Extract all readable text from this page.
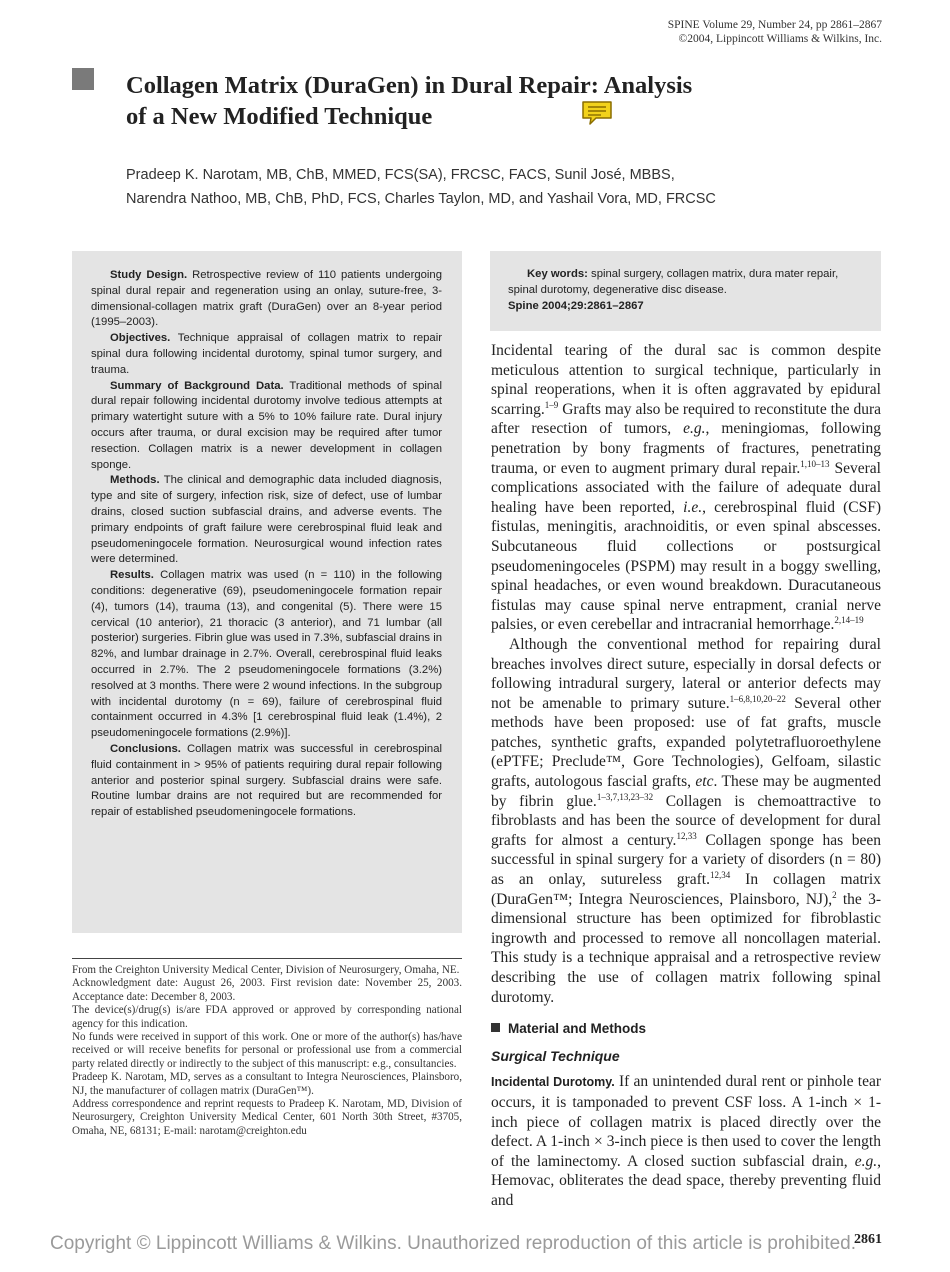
SPINE Volume 29, Number 24, pp 2861–2867
©2004, Lippincott Williams & Wilkins, Inc.
Collagen Matrix (DuraGen) in Dural Repair: Analysis
of a New Modified Technique
Pradeep K. Narotam, MB, ChB, MMED, FCS(SA), FRCSC, FACS, Sunil José, MBBS,
Narendra Nathoo, MB, ChB, PhD, FCS, Charles Taylon, MD, and Yashail Vora, MD, FRCSC

Study Design. Retrospective review of 110 patients undergoing spinal dural repair and regeneration using an onlay, suture-free, 3-dimensional-collagen matrix graft (DuraGen) over an 8-year period (1995–2003).

Objectives. Technique appraisal of collagen matrix to repair spinal dura following incidental durotomy, spinal tumor surgery, and trauma.

Summary of Background Data. Traditional methods of spinal dural repair following incidental durotomy involve tedious attempts at primary watertight suture with a 5% to 10% failure rate. Dural injury occurs after trauma, or dural excision may be required after tumor resection. Collagen matrix is a newer development in collagen sponge.

Methods. The clinical and demographic data included diagnosis, type and site of surgery, infection risk, size of defect, use of lumbar drains, closed suction subfascial drains, and adverse events. The primary endpoints of graft failure were cerebrospinal fluid leak and pseudomeningocele formation. Neurosurgical wound infection rates were determined.

Results. Collagen matrix was used (n = 110) in the following conditions: degenerative (69), pseudomeningocele formation repair (4), tumors (14), trauma (13), and congenital (5). There were 15 cervical (10 anterior), 21 thoracic (3 anterior), and 71 lumbar (all posterior) surgeries. Fibrin glue was used in 7.3%, subfascial drains in 82%, and lumbar drainage in 2.7%. Overall, cerebrospinal fluid leaks occurred in 2.7%. The 2 pseudomeningocele formations (3.2%) resolved at 3 months. There were 2 wound infections. In the subgroup with incidental durotomy (n = 69), failure of cerebrospinal fluid containment occurred in 4.3% [1 cerebrospinal fluid leak (1.4%), 2 pseudomeningocele formations (2.9%)].

Conclusions. Collagen matrix was successful in cerebrospinal fluid containment in > 95% of patients requiring dural repair following anterior and posterior spinal surgery. Subfascial drains were safe. Routine lumbar drains are not required but are recommended for repair of established pseudomeningocele formations.

Key words: spinal surgery, collagen matrix, dura mater repair, spinal durotomy, degenerative disc disease.

Spine 2004;29:2861–2867

From the Creighton University Medical Center, Division of Neurosurgery, Omaha, NE.

Acknowledgment date: August 26, 2003. First revision date: November 25, 2003. Acceptance date: December 8, 2003.

The device(s)/drug(s) is/are FDA approved or approved by corresponding national agency for this indication.

No funds were received in support of this work. One or more of the author(s) has/have received or will receive benefits for personal or professional use from a commercial party related directly or indirectly to the subject of this manuscript: e.g., consultancies.

Pradeep K. Narotam, MD, serves as a consultant to Integra Neurosciences, Plainsboro, NJ, the manufacturer of collagen matrix (DuraGen™).

Address correspondence and reprint requests to Pradeep K. Narotam, MD, Division of Neurosurgery, Creighton University Medical Center, 601 North 30th Street, #3705, Omaha, NE, 68131; E-mail: narotam@creighton.edu

Incidental tearing of the dural sac is common despite meticulous attention to surgical technique, particularly in spinal reoperations, when it is often aggravated by epidural scarring.$^{1-9}$ Grafts may also be required to reconstitute the dura after resection of tumors, e.g., meningiomas, following penetration by bony fragments of fractures, penetrating trauma, or even to augment primary dural repair.$^{1,10-13}$ Several complications associated with the failure of adequate dural healing have been reported, i.e., cerebrospinal fluid (CSF) fistulas, meningitis, arachnoiditis, or even spinal abscesses. Subcutaneous fluid collections or postsurgical pseudomeningoceles (PSPM) may result in a boggy swelling, spinal headaches, or even wound breakdown. Duracutaneous fistulas may cause spinal nerve entrapment, cranial nerve palsies, or even cerebellar and intracranial hemorrhage.$^{2,14-19}$

Although the conventional method for repairing dural breaches involves direct suture, especially in dorsal defects or following intradural surgery, lateral or anterior defects may not be amenable to primary suture.$^{1-6,8,10,20-22}$ Several other methods have been proposed: use of fat grafts, muscle patches, synthetic grafts, expanded polytetrafluoroethylene (ePTFE; Preclude™, Gore Technologies), Gelfoam, silastic grafts, autologous fascial grafts, etc. These may be augmented by fibrin glue.$^{1-3,7,13,23-32}$ Collagen is chemoattractive to fibroblasts and has been the source of development for dural grafts for almost a century.$^{12,33}$ Collagen sponge has been successful in spinal surgery for a variety of disorders (n = 80) as an onlay, sutureless graft.$^{12,34}$ In collagen matrix (DuraGen™; Integra Neurosciences, Plainsboro, NJ),$^2$ the 3-dimensional structure has been optimized for fibroblastic ingrowth and processed to remove all noncollagen material. This study is a technique appraisal and a retrospective review describing the use of collagen matrix following spinal durotomy.

Material and Methods

Surgical Technique

Incidental Durotomy. If an unintended dural rent or pinhole tear occurs, it is tamponaded to prevent CSF loss. A 1-inch × 1-inch piece of collagen matrix is placed directly over the defect. A 1-inch × 3-inch piece is then used to cover the length of the laminectomy. A closed suction subfascial drain, e.g., Hemovac, obliterates the dead space, thereby preventing fluid and

2861
Copyright © Lippincott Williams & Wilkins. Unauthorized reproduction of this article is prohibited.
